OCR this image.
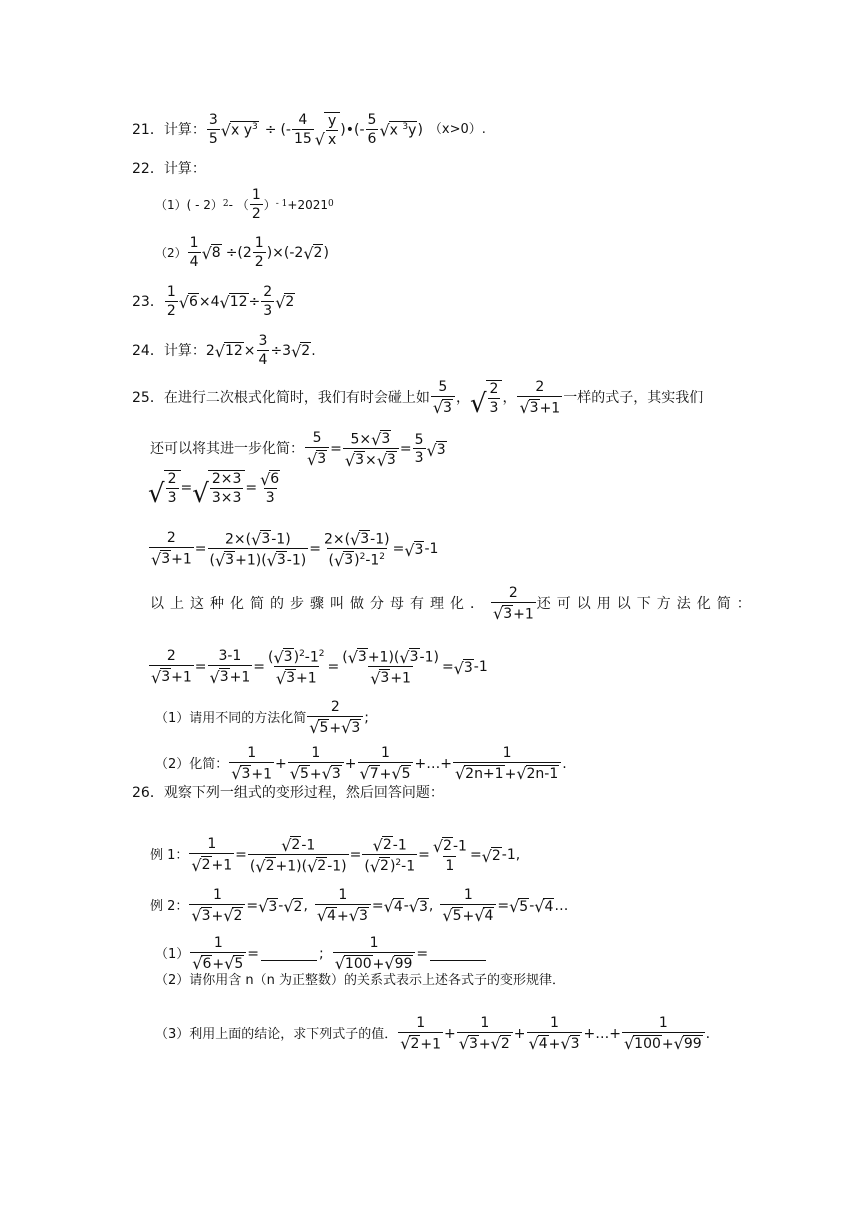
21．计算： $\frac{3}{5}$ √ x $y^3$ ÷ (- $\frac{4}{15}$ √ $\frac{y}{x}$ )•(- $\frac{5}{6}$ √ x $^3$y ) （x>0）.
22．计算：
（1）( - 2） 2 - （ $\frac{1}{2}$ ） - 1 +2021 0
$(2) \frac{1}{4}$ √ $8 \div(2 \frac{1}{2} )\times(-2$ √ 2 )
23． $\frac{1}{2}$ √ 6 ×4 √ $12 \div \frac{2}{3}$ √ 2
24．计算： 2 √ $12 \times \frac{3}{4} \div 3$ √ 2 .
25．在进行二次根式化简时，我们有时会碰上如 $\frac{5}{√ 3}$ ， √ $\frac{2}{3}$ ， $\frac{2}{√ 3 +1}$ 一样的式子，其实我们
还可以将其进一步化简： $\frac{5}{√ 3} = \frac{5\times √ 3}{√ 3 \times √ 3} = \frac{5}{3}$ √ 3
√ $\frac{2}{3}$ = √ $\frac{2\times 3}{3\times 3} = \frac{√ 6}{3}$
$\frac{2}{√ 3 +1} = \frac{2\times( √ 3 -1)}{( √ 3 +1)( √ 3 -1)} = \frac{2\times( √ 3 -1)}{( √ 3 )^2-1^2}$ = √ 3 -1
以上这种化简的步骤叫做分母有理化． $\frac{2}{√ 3 +1}$ 还可以用以下方法化简：
$\frac{2}{√ 3 +1} = \frac{3-1}{√ 3 +1} = \frac{( √ 3 )^2-1^2}{√ 3 +1} = \frac{( √ 3 +1)( √ 3 -1)}{√ 3 +1}$ = √ 3 -1
（1）请用不同的方法化简 $\frac{2}{√ 5 + √ 3}$ ;
（2）化简： $\frac{1}{√ 3 +1} + \frac{1}{√ 5 + √ 3} + \frac{1}{√ 7 + √ 5}$ +…+ $\frac{1}{√ 2n+1 + √ 2n-1}$ .
26．观察下列一组式的变形过程，然后回答问题：
例 1： $\frac{1}{√ 2 +1} = \frac{√ 2 -1}{( √ 2 +1)( √ 2 -1)} = \frac{√ 2 -1}{( √ 2 )^2-1} = \frac{√ 2 -1}{1}$ = √ 2 -1,
例 2： $\frac{1}{√ 3 + √ 2}$ = √ 3 - √ 2 , $\frac{1}{√ 4 + √ 3}$ = √ 4 - √ 3 , $\frac{1}{√ 5 + √ 4}$ = √ 5 - √ 4 …
$(1) \frac{1}{√ 6 + √ 5}$ =	; $\frac{1}{√ 100 + √ 99}$ =
（2）请你用含 n（n 为正整数）的关系式表示上述各式子的变形规律．
（3）利用上面的结论，求下列式子的值． $\frac{1}{√ 2 +1} + \frac{1}{√ 3 + √ 2} + \frac{1}{√ 4 + √ 3}$ +…+ $\frac{1}{√ 100 + √ 99}$ .
